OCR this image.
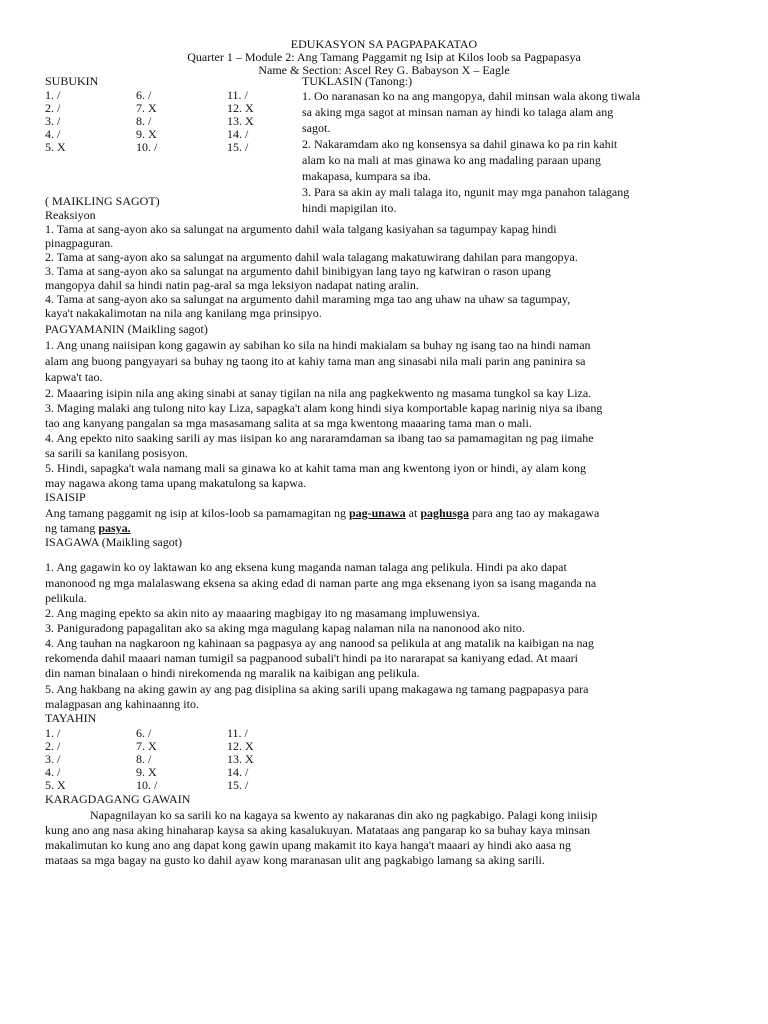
EDUKASYON SA PAGPAPAKATAO
Quarter 1 – Module 2: Ang Tamang Paggamit ng Isip at Kilos loob sa Pagpapasya
Name & Section: Ascel Rey G. Babayson X – Eagle
SUBUKIN
1. /
2. /
3. /
4. /
5. X
6. /
7. X
8. /
9. X
10. /
11. /
12. X
13. X
14. /
15. /
TUKLASIN (Tanong:)
1. Oo naranasan ko na ang mangopya, dahil minsan wala akong tiwala
sa aking mga sagot at minsan naman ay hindi ko talaga alam ang
sagot.
2. Nakaramdam ako ng konsensya sa dahil ginawa ko pa rin kahit
alam ko na mali at mas ginawa ko ang madaling paraan upang
makapasa, kumpara sa iba.
3. Para sa akin ay mali talaga ito, ngunit may mga panahon talagang
hindi mapigilan ito.
( MAIKLING SAGOT)
Reaksiyon
1. Tama at sang-ayon ako sa salungat na argumento dahil wala talgang kasiyahan sa tagumpay kapag hindi
pinagpaguran.
2. Tama at sang-ayon ako sa salungat na argumento dahil wala talagang makatuwirang dahilan para mangopya.
3. Tama at sang-ayon ako sa salungat na argumento dahil binibigyan lang tayo ng katwiran o rason upang
mangopya dahil sa hindi natin pag-aral sa mga leksiyon nadapat nating aralin.
4. Tama at sang-ayon ako sa salungat na argumento dahil maraming mga tao ang uhaw na uhaw sa tagumpay,
kaya't nakakalimotan na nila ang kanilang mga prinsipyo.
PAGYAMANIN (Maikling sagot)
1. Ang unang naiisipan kong gagawin ay sabihan ko sila na hindi makialam sa buhay ng isang tao na hindi naman
alam ang buong pangyayari sa buhay ng taong ito at kahiy tama man ang sinasabi nila mali parin ang paninira sa
kapwa't tao.
2. Maaaring isipin nila ang aking sinabi at sanay tigilan na nila ang pagkekwento ng masama tungkol sa kay Liza.
3. Maging malaki ang tulong nito kay Liza, sapagka't alam kong hindi siya komportable kapag narinig niya sa ibang
tao ang kanyang pangalan sa mga masasamang salita at sa mga kwentong maaaring tama man o mali.
4. Ang epekto nito saaking sarili ay mas iisipan ko ang nararamdaman sa ibang tao sa pamamagitan ng pag iimahe
sa sarili sa kanilang posisyon.
5. Hindi, sapagka't wala namang mali sa ginawa ko at kahit tama man ang kwentong iyon or hindi, ay alam kong
may nagawa akong tama upang makatulong sa kapwa.
ISAISIP
Ang tamang paggamit ng isip at kilos-loob sa pamamagitan ng pag-unawa at paghusga para ang tao ay makagawa
ng tamang pasya.
ISAGAWA (Maikling sagot)
1. Ang gagawin ko oy laktawan ko ang eksena kung maganda naman talaga ang pelikula. Hindi pa ako dapat
manonood ng mga malalaswang eksena sa aking edad di naman parte ang mga eksenang iyon sa isang maganda na
pelikula.
2. Ang maging epekto sa akin nito ay maaaring magbigay ito ng masamang impluwensiya.
3. Paniguradong papagalitan ako sa aking mga magulang kapag nalaman nila na nanonood ako nito.
4. Ang tauhan na nagkaroon ng kahinaan sa pagpasya ay ang nanood sa pelikula at ang matalik na kaibigan na nag
rekomenda dahil maaari naman tumigil sa pagpanood subali't hindi pa ito nararapat sa kaniyang edad. At maari
din naman binalaan o hindi nirekomenda ng maralik na kaibigan ang pelikula.
5. Ang hakbang na aking gawin ay ang pag disiplina sa aking sarili upang makagawa ng tamang pagpapasya para
malagpasan ang kahinaanng ito.
TAYAHIN
1. /
2. /
3. /
4. /
5. X
6. /
7. X
8. /
9. X
10. /
11. /
12. X
13. X
14. /
15. /
KARAGDAGANG GAWAIN
Napagnilayan ko sa sarili ko na kagaya sa kwento ay nakaranas din ako ng pagkabigo. Palagi kong iniisip
kung ano ang nasa aking hinaharap kaysa sa aking kasalukuyan. Matataas ang pangarap ko sa buhay kaya minsan
makalimutan ko kung ano ang dapat kong gawin upang makamit ito kaya hanga't maaari ay hindi ako aasa ng
mataas sa mga bagay na gusto ko dahil ayaw kong maranasan ulit ang pagkabigo lamang sa aking sarili.
